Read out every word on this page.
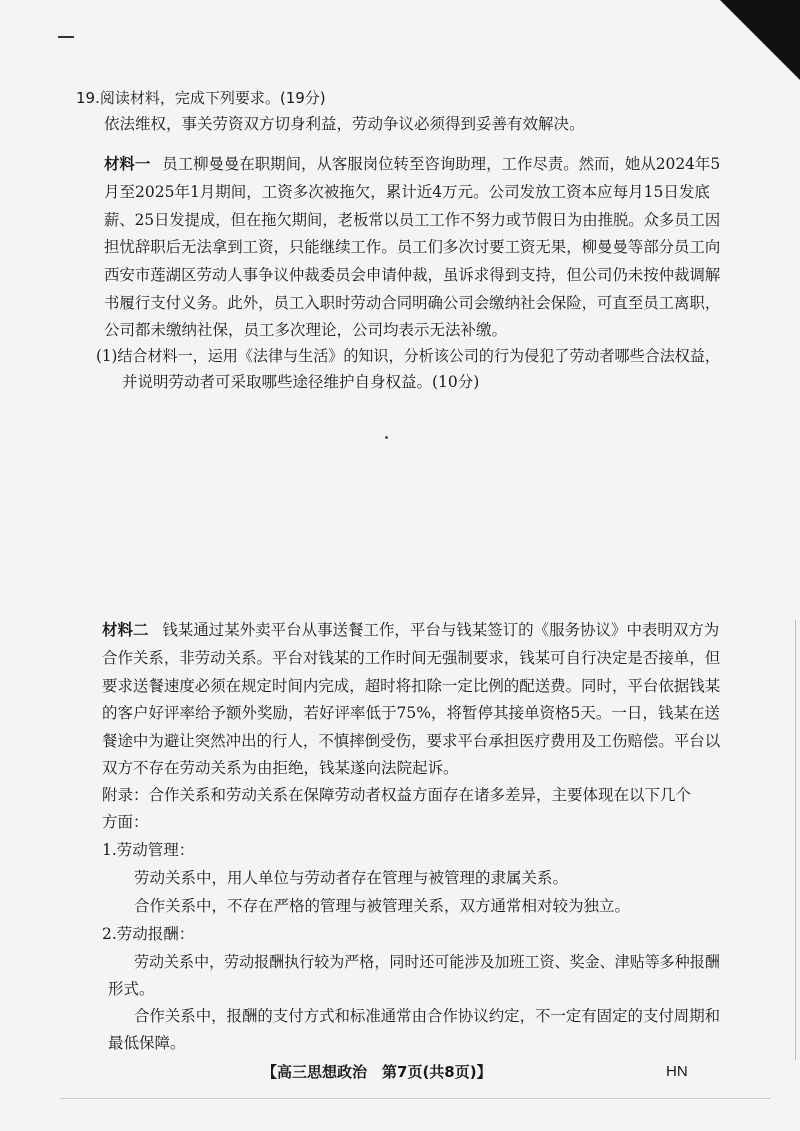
19.阅读材料，完成下列要求。(19分)
依法维权，事关劳资双方切身利益，劳动争议必须得到妥善有效解决。
材料一 员工柳曼曼在职期间，从客服岗位转至咨询助理，工作尽责。然而，她从2024年5
月至2025年1月期间，工资多次被拖欠，累计近4万元。公司发放工资本应每月15日发底
薪、25日发提成，但在拖欠期间，老板常以员工工作不努力或节假日为由推脱。众多员工因
担忧辞职后无法拿到工资，只能继续工作。员工们多次讨要工资无果，柳曼曼等部分员工向
西安市莲湖区劳动人事争议仲裁委员会申请仲裁，虽诉求得到支持，但公司仍未按仲裁调解
书履行支付义务。此外，员工入职时劳动合同明确公司会缴纳社会保险，可直至员工离职，
公司都未缴纳社保，员工多次理论，公司均表示无法补缴。
(1)结合材料一，运用《法律与生活》的知识，分析该公司的行为侵犯了劳动者哪些合法权益，
并说明劳动者可采取哪些途径维护自身权益。(10分)
材料二 钱某通过某外卖平台从事送餐工作，平台与钱某签订的《服务协议》中表明双方为
合作关系，非劳动关系。平台对钱某的工作时间无强制要求，钱某可自行决定是否接单，但
要求送餐速度必须在规定时间内完成，超时将扣除一定比例的配送费。同时，平台依据钱某
的客户好评率给予额外奖励，若好评率低于75%，将暂停其接单资格5天。一日，钱某在送
餐途中为避让突然冲出的行人，不慎摔倒受伤，要求平台承担医疗费用及工伤赔偿。平台以
双方不存在劳动关系为由拒绝，钱某遂向法院起诉。
附录：合作关系和劳动关系在保障劳动者权益方面存在诸多差异，主要体现在以下几个
方面：
1.劳动管理：
劳动关系中，用人单位与劳动者存在管理与被管理的隶属关系。
合作关系中，不存在严格的管理与被管理关系，双方通常相对较为独立。
2.劳动报酬：
劳动关系中，劳动报酬执行较为严格，同时还可能涉及加班工资、奖金、津贴等多种报酬
形式。
合作关系中，报酬的支付方式和标准通常由合作协议约定，不一定有固定的支付周期和
最低保障。
【高三思想政治　第7页(共8页)】	HN
